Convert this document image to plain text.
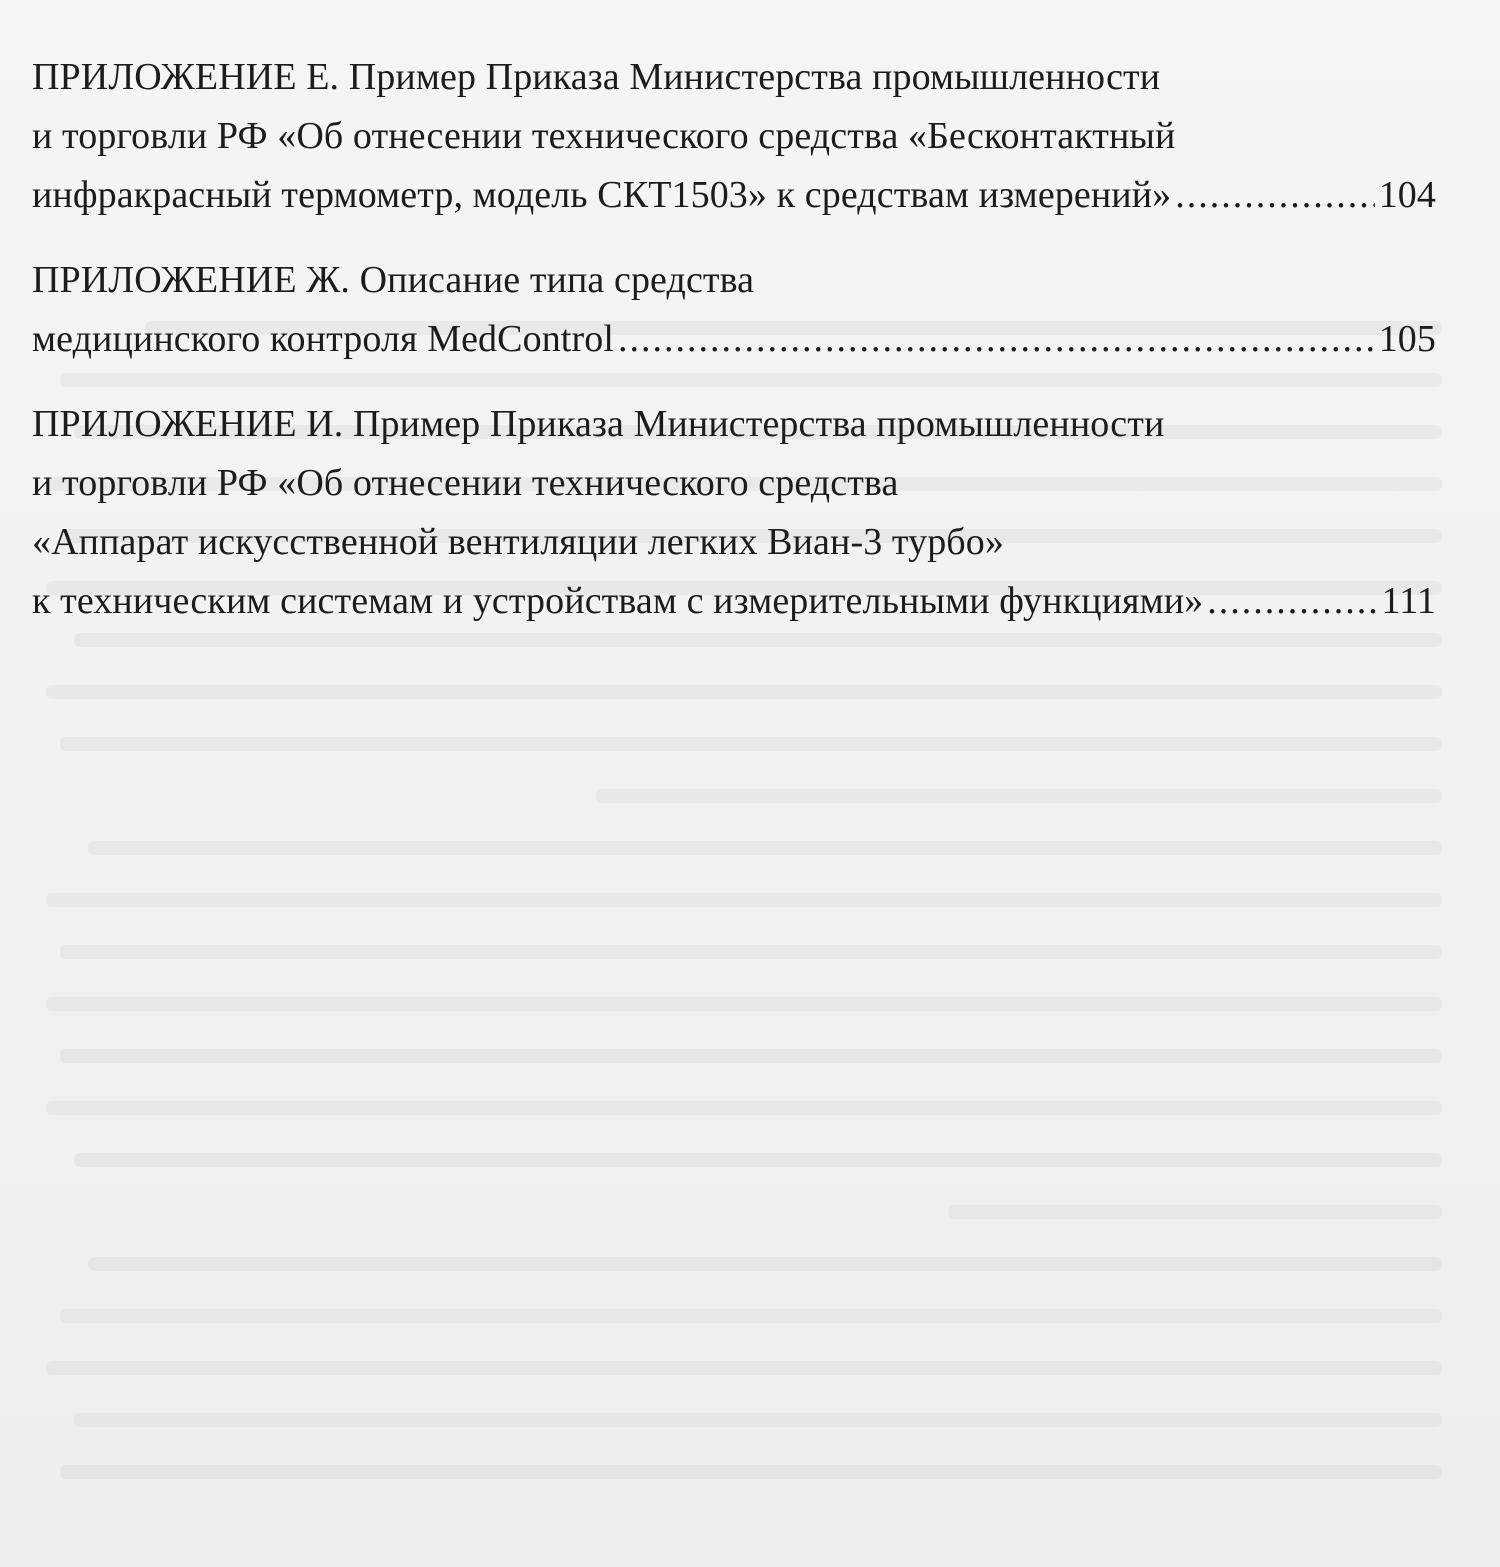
ПРИЛОЖЕНИЕ Е. Пример Приказа Министерства промышленности
и торговли РФ «Об отнесении технического средства «Бесконтактный
инфракрасный термометр, модель СКТ1503» к средствам измерений» .....	104
ПРИЛОЖЕНИЕ Ж. Описание типа средства
медицинского контроля MedControl .....	105
ПРИЛОЖЕНИЕ И. Пример Приказа Министерства промышленности
и торговли РФ «Об отнесении технического средства
«Аппарат искусственной вентиляции легких Виан-3 турбо»
к техническим системам и устройствам с измерительными функциями» .....	111
